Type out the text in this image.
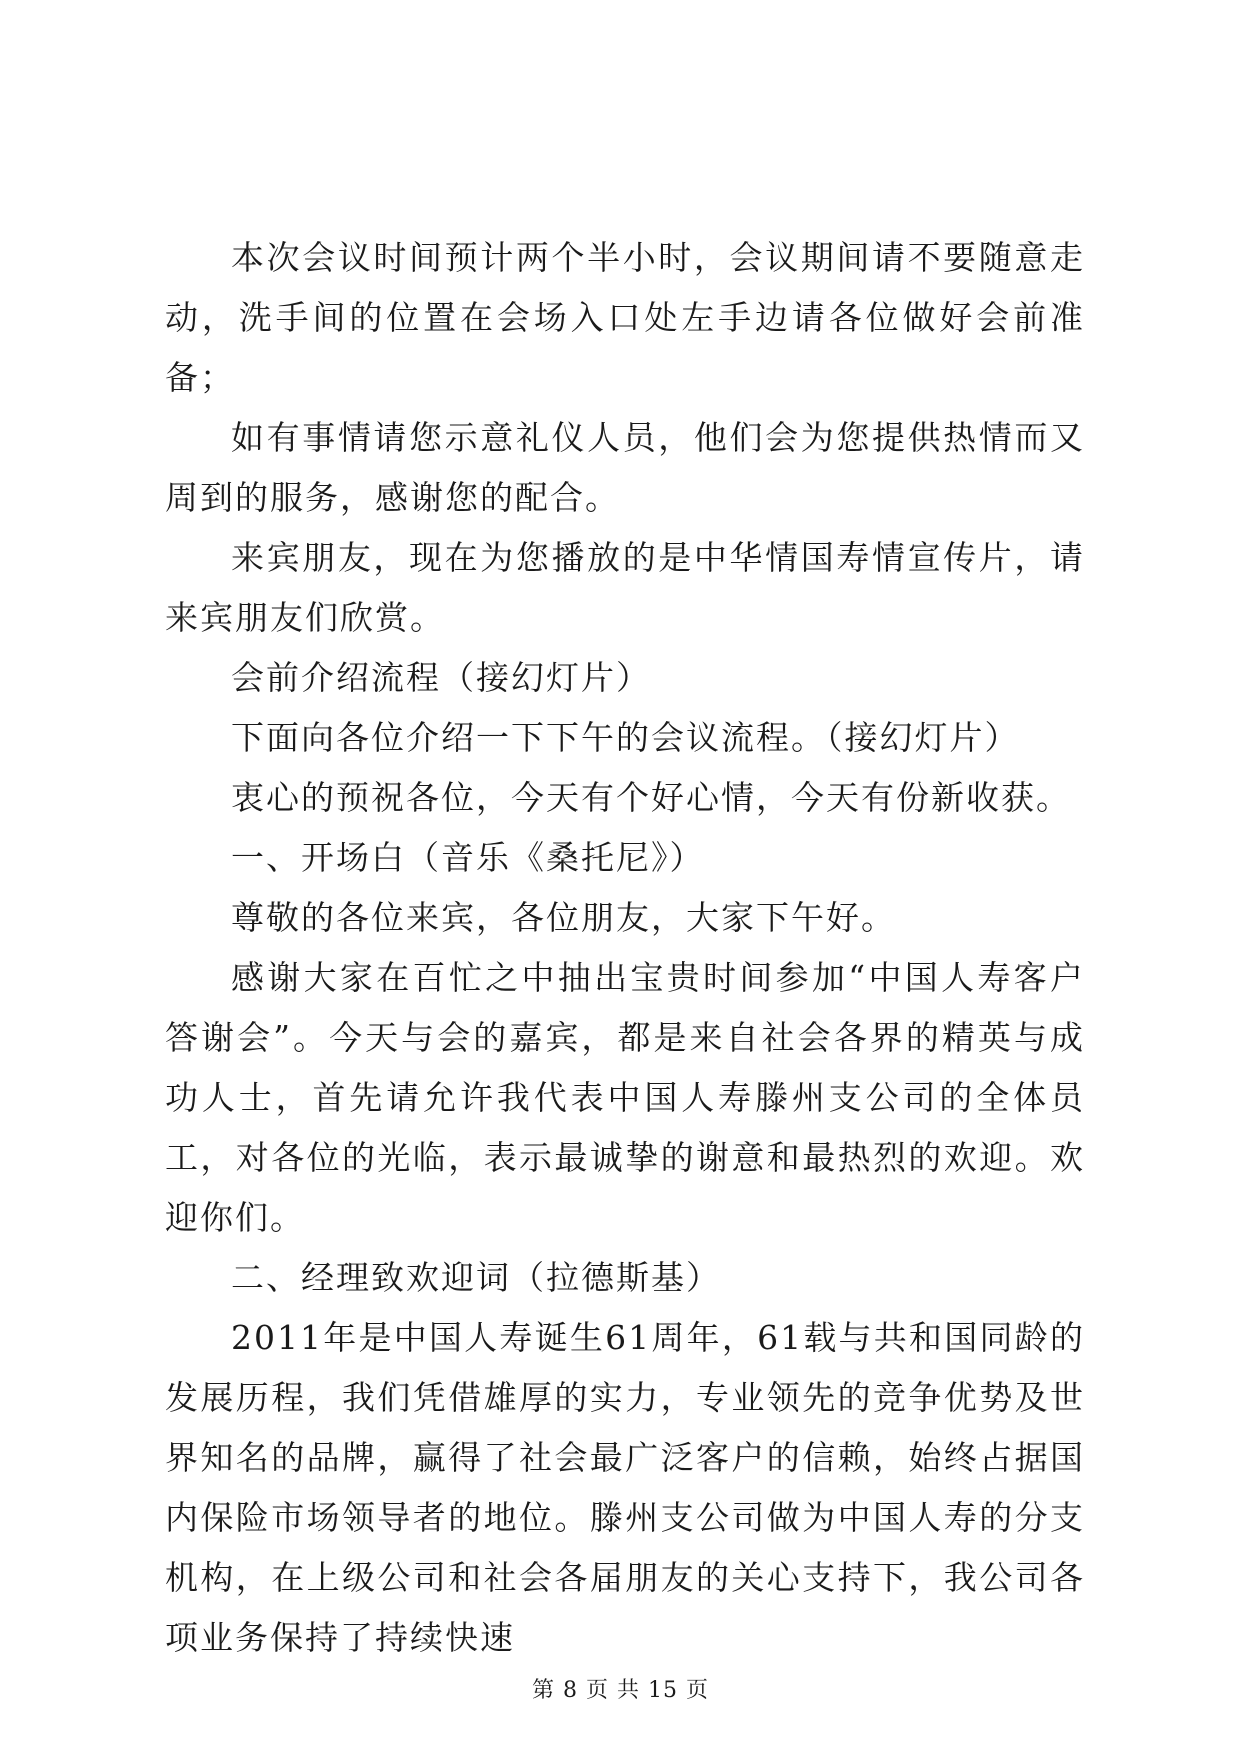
本次会议时间预计两个半小时，会议期间请不要随意走动，洗手间的位置在会场入口处左手边请各位做好会前准备；

如有事情请您示意礼仪人员，他们会为您提供热情而又周到的服务，感谢您的配合。

来宾朋友，现在为您播放的是中华情国寿情宣传片，请来宾朋友们欣赏。

会前介绍流程（接幻灯片）

下面向各位介绍一下下午的会议流程。（接幻灯片）

衷心的预祝各位，今天有个好心情，今天有份新收获。

一、开场白（音乐《桑托尼》）

尊敬的各位来宾，各位朋友，大家下午好。

感谢大家在百忙之中抽出宝贵时间参加“中国人寿客户答谢会”。今天与会的嘉宾，都是来自社会各界的精英与成功人士，首先请允许我代表中国人寿滕州支公司的全体员工，对各位的光临，表示最诚挚的谢意和最热烈的欢迎。欢迎你们。

二、经理致欢迎词（拉德斯基）

2011年是中国人寿诞生61周年，61载与共和国同龄的发展历程，我们凭借雄厚的实力，专业领先的竞争优势及世界知名的品牌，赢得了社会最广泛客户的信赖，始终占据国内保险市场领导者的地位。滕州支公司做为中国人寿的分支机构，在上级公司和社会各届朋友的关心支持下，我公司各项业务保持了持续快速

第 8 页 共 15 页
